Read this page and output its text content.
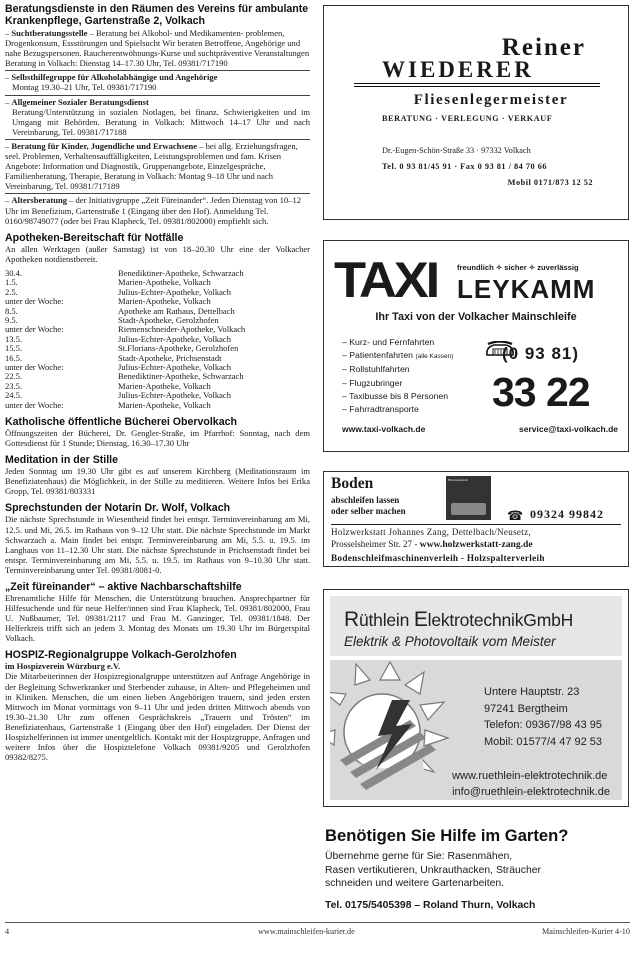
Beratungsdienste in den Räumen des Vereins für ambulante Krankenpflege, Gartenstraße 2, Volkach
– Suchtberatungsstelle – Beratung bei Alkohol- und Medikamenten- problemen, Drogenkonsum, Essstörungen und Spielsucht Wir beraten Betroffene, Angehörige und nahe Bezugspersonen. Raucherentwöhnungs-Kurse und suchtpräventive Veranstaltungen Beratung in Volkach: Dienstag 14–17.30 Uhr, Tel. 09381/717190
– Selbsthilfegruppe für Alkoholabhängige und Angehörige
Montag 19.30–21 Uhr, Tel. 09381/717190
– Allgemeiner Sozialer Beratungsdienst
Beratung/Unterstützung in sozialen Notlagen, bei finanz. Schwierigkeiten und im Umgang mit Behörden. Beratung in Volkach: Mittwoch 14–17 Uhr und nach Vereinbarung, Tel. 09381/717188
– Beratung für Kinder, Jugendliche und Erwachsene – bei allg. Erziehungsfragen, seel. Problemen, Verhaltensauffälligkeiten, Leistungsproblemen und fam. Krisen Angebote: Information und Diagnostik, Gruppenangebote, Einzelgespräche, Familienberatung, Therapie, Beratung in Volkach: Montag 9–18 Uhr und nach Vereinbarung, Tel. 09381/717189
– Altersberatung – der Initiativgruppe „Zeit Füreinander“. Jeden Dienstag von 10–12 Uhr im Benefizium, Gartenstraße 1 (Eingang über den Hof). Anmeldung Tel. 0160/98749077 (oder bei Frau Klapheck, Tel. 09381/802000) empfiehlt sich.
Apotheken-Bereitschaft für Notfälle
An allen Werktagen (außer Samstag) ist von 18–20.30 Uhr eine der Volkacher Apotheken notdienstbereit.
30.4.	Benediktiner-Apotheke, Schwarzach
1.5.	Marien-Apotheke, Volkach
2.5.	Julius-Echter-Apotheke, Volkach
unter der Woche:	Marien-Apotheke, Volkach
8.5.	Apotheke am Rathaus, Dettelbach
9.5.	Stadt-Apotheke, Gerolzhofen
unter der Woche:	Riemenschneider-Apotheke, Volkach
13.5.	Julius-Echter-Apotheke, Volkach
15.5.	St.Florians-Apotheke, Gerolzhofen
16.5.	Stadt-Apotheke, Prichsenstadt
unter der Woche:	Julius-Echter-Apotheke, Volkach
22.5.	Benediktiner-Apotheke, Schwarzach
23.5.	Marien-Apotheke, Volkach
24.5.	Julius-Echter-Apotheke, Volkach
unter der Woche:	Marien-Apotheke, Volkach
Katholische öffentliche Bücherei Obervolkach
Öffnungszeiten der Bücherei, Dr. Gengler-Straße, im Pfarrhof: Sonntag, nach dem Gottesdienst für 1 Stunde; Dienstag, 16.30–17.30 Uhr
Meditation in der Stille
Jeden Sonntag um 19.30 Uhr gibt es auf unserem Kirchberg (Meditationsraum im Benefiziatenhaus) die Möglichkeit, in der Stille zu meditieren. Weitere Infos bei Erika Gropp, Tel. 09381/803331
Sprechstunden der Notarin Dr. Wolf, Volkach
Die nächste Sprechstunde in Wiesentheid findet bei entspr. Terminvereinbarung am Mi, 12.5. und Mi, 26.5. im Rathaus von 9–12 Uhr statt. Die nächste Sprechstunde im Markt Schwarzach a. Main findet bei entspr. Terminvereinbarung am Mi, 5.5. u. 19.5. im Langhaus von 11–12.30 Uhr statt. Die nächste Sprechstunde in Prichsenstadt findet bei entspr. Terminvereinbarung am Mi, 5.5. u. 19.5. im Rathaus von 9–10.30 Uhr statt. Terminvereinbarung unter Tel. 09381/8081-0.
„Zeit füreinander“ – aktive Nachbarschaftshilfe
Ehrenamtliche Hilfe für Menschen, die Unterstützung brauchen. Ansprechpartner für Hilfesuchende und für neue Helfer/innen sind Frau Klapheck, Tel. 09381/802000, Frau U. Nußbaumer, Tel. 09381/2117 und Frau M. Ganzinger, Tel. 09381/1848. Der Helferkreis trifft sich an jedem 3. Montag des Monats um 19.30 Uhr im Bürgerspital Volkach.
HOSPIZ-Regionalgruppe Volkach-Gerolzhofen
im Hospizverein Würzburg e.V.
Die Mitarbeiterinnen der Hospizregionalgruppe unterstützen auf Anfrage Angehörige in der Begleitung Schwerkranker und Sterbender zuhause, in Alten- und Pflegeheimen und in Kliniken. Menschen, die um einen lieben Angehörigen trauern, sind jeden ersten Mittwoch im Monat vormittags von 9–11 Uhr und jeden dritten Mittwoch abends von 19.30–21.30 Uhr zum offenen Gesprächskreis „Trauern und Trösten“ im Benefiziatenhaus, Gartenstraße 1 (Eingang über den Hof) eingeladen. Der Dienst der Hospizhelferinnen ist immer unentgeltlich. Kontakt mit der Hospizgruppe, Anfragen und weitere Infos über die Hospiztelefone Volkach 09381/9205 und Gerolzhofen 09382/8275.
Reiner
WIEDERER
Fliesenlegermeister
BERATUNG · VERLEGUNG · VERKAUF
Dr.-Eugen-Schön-Straße 33 · 97332 Volkach
Tel. 0 93 81/45 91 · Fax 0 93 81 / 84 70 66
Mobil 0171/873 12 52
TAXI	freundlich ✧ sicher ✧ zuverlässig
LEYKAMM
Ihr Taxi von der Volkacher Mainschleife
– Kurz- und Fernfahrten
– Patientenfahrten (alle Kassen)
– Rollstuhlfahrten
– Flugzubringer
– Taxibusse bis 8 Personen
– Fahrradtransporte
(0 93 81)
33 22
www.taxi-volkach.de	service@taxi-volkach.de
Boden
abschleifen lassen
oder selber machen
Holzwerkstatt
☎ 09324 99842
Holzwerkstatt Johannes Zang, Dettelbach/Neusetz,
Prosselsheimer Str. 27 - www.holzwerkstatt-zang.de
Bodenschleifmaschinenverleih - Holzspalterverleih
Rüthlein ElektrotechnikGmbH
Elektrik & Photovoltaik vom Meister
Untere Hauptstr. 23
97241 Bergtheim
Telefon: 09367/98 43 95
Mobil: 01577/4 47 92 53
www.ruethlein-elektrotechnik.de
info@ruethlein-elektrotechnik.de
Benötigen Sie Hilfe im Garten?
Übernehme gerne für Sie: Rasenmähen,
Rasen vertikutieren, Unkrauthacken, Sträucher
schneiden und weitere Gartenarbeiten.
Tel. 0175/5405398 – Roland Thurn, Volkach
4	www.mainschleifen-kurier.de	Mainschleifen-Kurier 4-10
